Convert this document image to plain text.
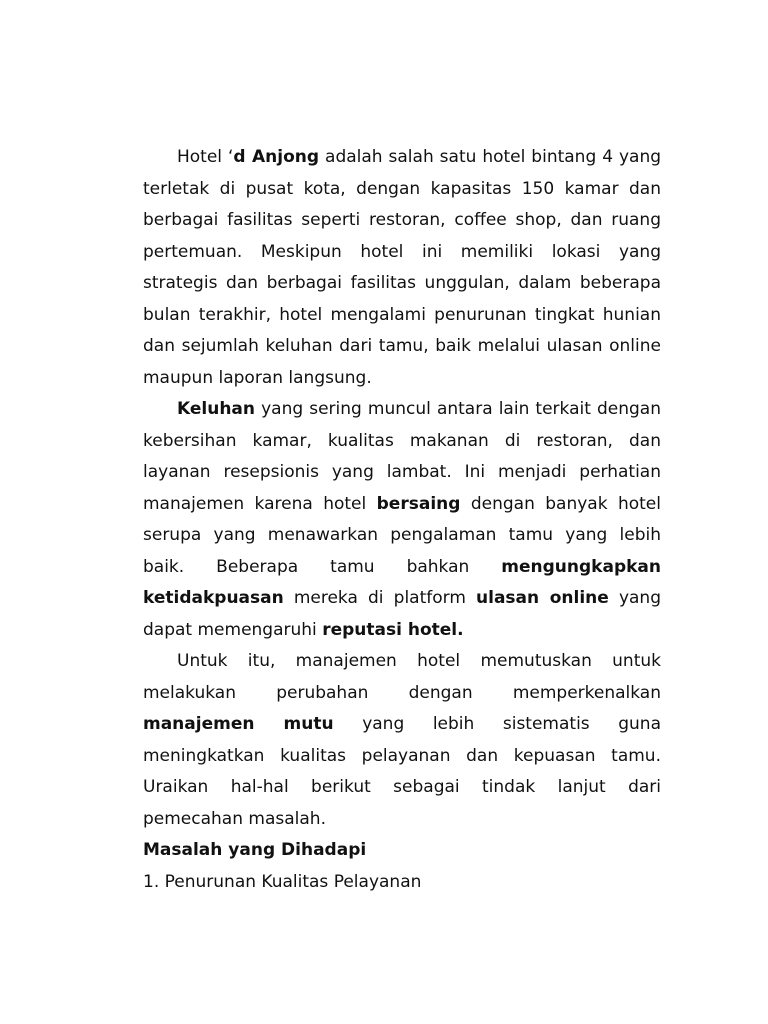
Hotel ‘d Anjong adalah salah satu hotel bintang 4 yang terletak di pusat kota, dengan kapasitas 150 kamar dan berbagai fasilitas seperti restoran, coffee shop, dan ruang pertemuan. Meskipun hotel ini memiliki lokasi yang strategis dan berbagai fasilitas unggulan, dalam beberapa bulan terakhir, hotel mengalami penurunan tingkat hunian dan sejumlah keluhan dari tamu, baik melalui ulasan online maupun laporan langsung.

Keluhan yang sering muncul antara lain terkait dengan kebersihan kamar, kualitas makanan di restoran, dan layanan resepsionis yang lambat. Ini menjadi perhatian manajemen karena hotel bersaing dengan banyak hotel serupa yang menawarkan pengalaman tamu yang lebih baik. Beberapa tamu bahkan mengungkapkan ketidakpuasan mereka di platform ulasan online yang dapat memengaruhi reputasi hotel.

Untuk itu, manajemen hotel memutuskan untuk melakukan perubahan dengan memperkenalkan manajemen mutu yang lebih sistematis guna meningkatkan kualitas pelayanan dan kepuasan tamu. Uraikan hal-hal berikut sebagai tindak lanjut dari pemecahan masalah.

Masalah yang Dihadapi

1. Penurunan Kualitas Pelayanan
